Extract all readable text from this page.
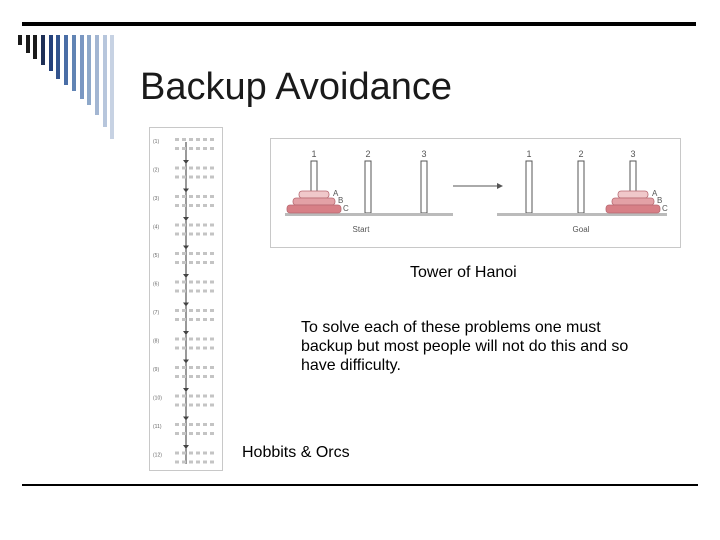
Backup Avoidance
(1)
(2)
(3)
(4)
(5)
(6)
(7)
(8)
(9)
(10)
(11)
(12)
1	2	3
A
B
C
Start
1	2	3
A
B
C
Goal
Tower of Hanoi
To solve each of these problems one must backup but most people will not do this and so have difficulty.
Hobbits & Orcs
